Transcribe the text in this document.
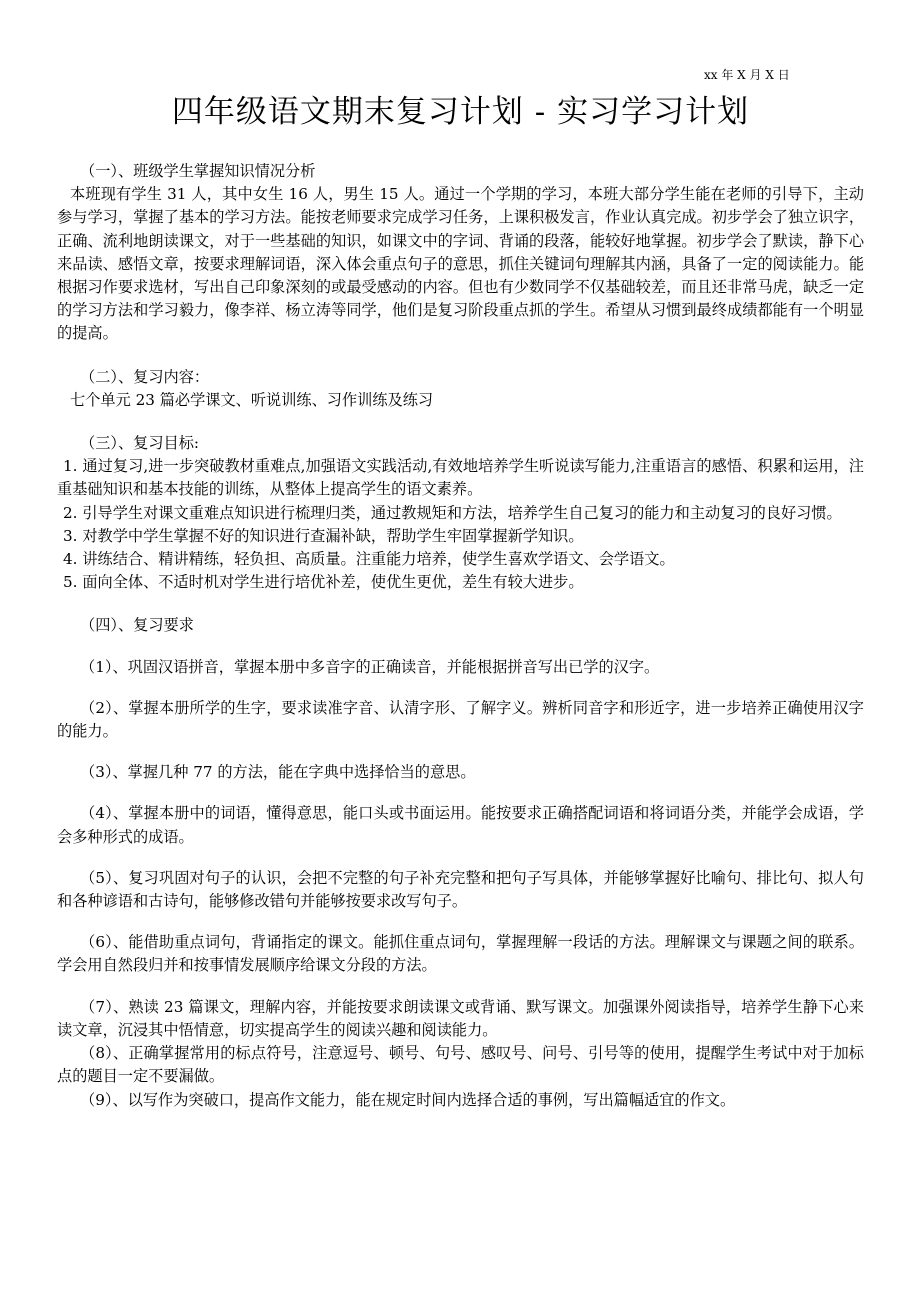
xx 年 X 月 X 日
四年级语文期末复习计划 - 实习学习计划

（一）、班级学生掌握知识情况分析

本班现有学生 31 人，其中女生 16 人，男生 15 人。通过一个学期的学习，本班大部分学生能在老师的引导下，主动参与学习，掌握了基本的学习方法。能按老师要求完成学习任务，上课积极发言，作业认真完成。初步学会了独立识字，正确、流利地朗读课文，对于一些基础的知识，如课文中的字词、背诵的段落，能较好地掌握。初步学会了默读，静下心来品读、感悟文章，按要求理解词语，深入体会重点句子的意思，抓住关键词句理解其内涵，具备了一定的阅读能力。能根据习作要求选材，写出自己印象深刻的或最受感动的内容。但也有少数同学不仅基础较差，而且还非常马虎，缺乏一定的学习方法和学习毅力，像李祥、杨立涛等同学，他们是复习阶段重点抓的学生。希望从习惯到最终成绩都能有一个明显的提高。

（二）、复习内容：

七个单元 23 篇必学课文、听说训练、习作训练及练习

（三）、复习目标:

1. 通过复习,进一步突破教材重难点,加强语文实践活动,有效地培养学生听说读写能力,注重语言的感悟、积累和运用，注重基础知识和基本技能的训练，从整体上提高学生的语文素养。

2. 引导学生对课文重难点知识进行梳理归类，通过教规矩和方法，培养学生自己复习的能力和主动复习的良好习惯。

3. 对教学中学生掌握不好的知识进行查漏补缺，帮助学生牢固掌握新学知识。

4. 讲练结合、精讲精练，轻负担、高质量。注重能力培养，使学生喜欢学语文、会学语文。

5. 面向全体、不适时机对学生进行培优补差，使优生更优，差生有较大进步。

（四）、复习要求

（1）、巩固汉语拼音，掌握本册中多音字的正确读音，并能根据拼音写出已学的汉字。

（2）、掌握本册所学的生字，要求读准字音、认清字形、了解字义。辨析同音字和形近字，进一步培养正确使用汉字的能力。

（3）、掌握几种 77 的方法，能在字典中选择恰当的意思。

（4）、掌握本册中的词语，懂得意思，能口头或书面运用。能按要求正确搭配词语和将词语分类，并能学会成语，学会多种形式的成语。

（5）、复习巩固对句子的认识，会把不完整的句子补充完整和把句子写具体，并能够掌握好比喻句、排比句、拟人句和各种谚语和古诗句，能够修改错句并能够按要求改写句子。

（6）、能借助重点词句，背诵指定的课文。能抓住重点词句，掌握理解一段话的方法。理解课文与课题之间的联系。学会用自然段归并和按事情发展顺序给课文分段的方法。

（7）、熟读 23 篇课文，理解内容，并能按要求朗读课文或背诵、默写课文。加强课外阅读指导，培养学生静下心来读文章，沉浸其中悟情意，切实提高学生的阅读兴趣和阅读能力。

（8）、正确掌握常用的标点符号，注意逗号、顿号、句号、感叹号、问号、引号等的使用，提醒学生考试中对于加标点的题目一定不要漏做。

（9）、以写作为突破口，提高作文能力，能在规定时间内选择合适的事例，写出篇幅适宜的作文。
